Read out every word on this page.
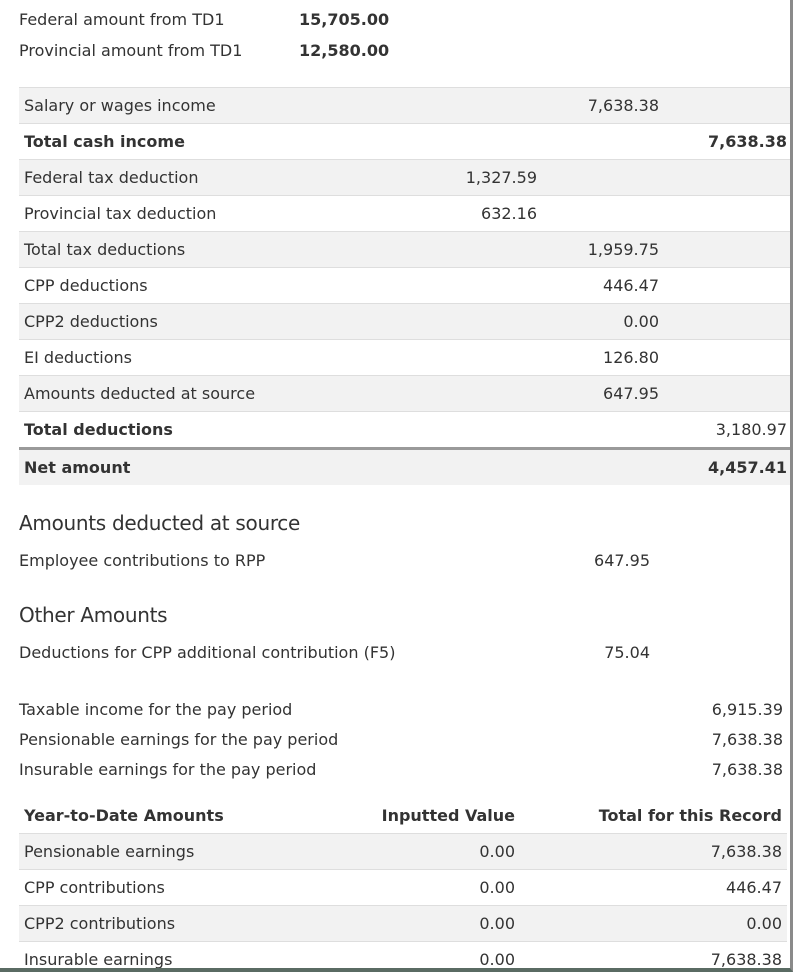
Federal amount from TD1	15,705.00
Provincial amount from TD1	12,580.00
Salary or wages income		7,638.38	
Total cash income			7,638.38
Federal tax deduction	1,327.59		
Provincial tax deduction	632.16		
Total tax deductions		1,959.75	
CPP deductions		446.47	
CPP2 deductions		0.00	
EI deductions		126.80	
Amounts deducted at source		647.95	
Total deductions			3,180.97
Net amount			4,457.41
Amounts deducted at source
Employee contributions to RPP	647.95
Other Amounts
Deductions for CPP additional contribution (F5)	75.04
Taxable income for the pay period	6,915.39
Pensionable earnings for the pay period	7,638.38
Insurable earnings for the pay period	7,638.38
Year-to-Date Amounts	Inputted Value	Total for this Record
Pensionable earnings	0.00	7,638.38
CPP contributions	0.00	446.47
CPP2 contributions	0.00	0.00
Insurable earnings	0.00	7,638.38
